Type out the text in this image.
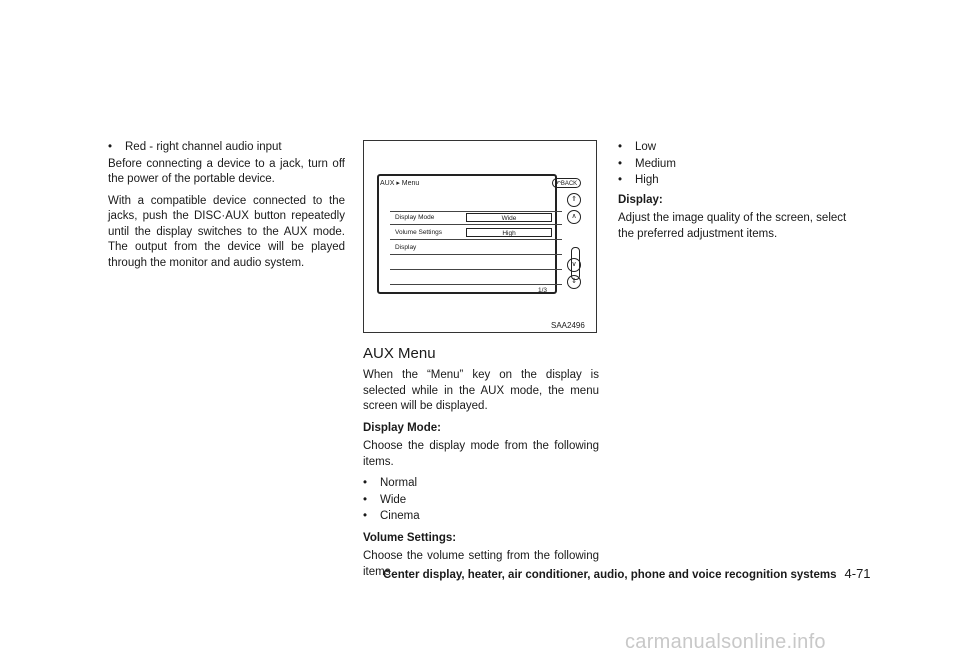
•	Red - right channel audio input

Before connecting a device to a jack, turn off the power of the portable device.

With a compatible device connected to the jacks, push the DISC·AUX button repeatedly until the display switches to the AUX mode. The output from the device will be played through the monitor and audio system.

AUX ▸ Menu	↶BACK
Display Mode	Wide
Volume Settings	High
Display
1/3
⇑
∧
∨
⇓
SAA2496
AUX Menu

When the “Menu” key on the display is selected while in the AUX mode, the menu screen will be displayed.

Display Mode:

Choose the display mode from the following items.

•	Normal
•	Wide
•	Cinema
Volume Settings:

Choose the volume setting from the following items.

•	Low
•	Medium
•	High
Display:

Adjust the image quality of the screen, select the preferred adjustment items.

Center display, heater, air conditioner, audio, phone and voice recognition systems 4-71
carmanualsonline.info
